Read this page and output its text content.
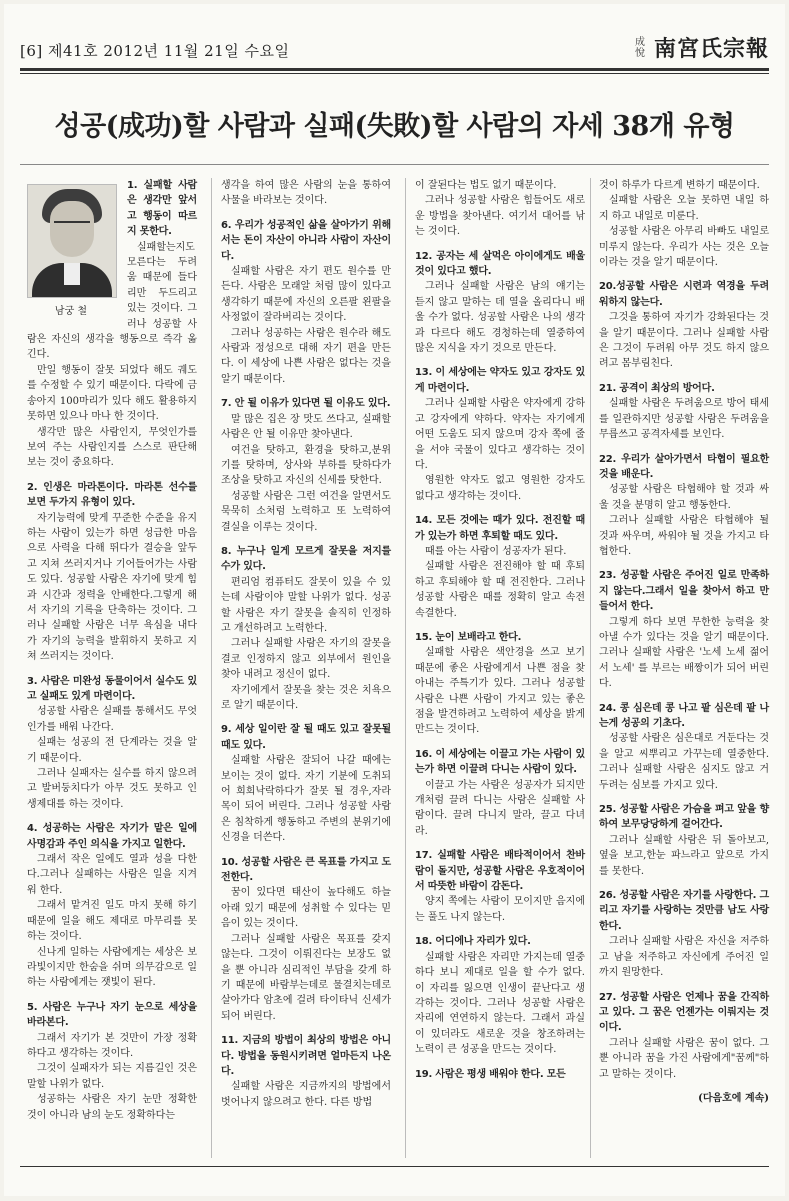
[6] 제41호 2012년 11월 21일 수요일	成悅 南宮氏宗報
성공(成功)할 사람과 실패(失敗)할 사람의 자세 38개 유형
남궁 철

1. 실패할 사람은 생각만 앞서고 행동이 따르지 못한다.

실패할는지도 모른다는 두려움 때문에 들다리만 두드리고 있는 것이다. 그러나 성공할 사람은 자신의 생각을 행동으로 즉각 옮긴다.

만일 행동이 잘못 되었다 해도 궤도를 수정할 수 있기 때문이다. 다락에 금송아지 100마리가 있다 해도 활용하지 못하면 있으나 마나 한 것이다.

생각만 많은 사람인지, 무엇인가를 보여 주는 사람인지를 스스로 판단해 보는 것이 중요하다.

2. 인생은 마라톤이다. 마라톤 선수를 보면 두가지 유형이 있다.

자기능력에 맞게 꾸준한 수준을 유지하는 사람이 있는가 하면 성급한 마음으로 사력을 다해 뛰다가 결승을 앞두고 지쳐 쓰러지거나 기어들어가는 사람도 있다. 성공할 사람은 자기에 맞게 힘과 시간과 정력을 안배한다.그렇게 해서 자기의 기록을 단축하는 것이다. 그러나 실패할 사람은 너무 욕심을 내다가 자기의 능력을 발휘하지 못하고 지쳐 쓰러지는 것이다.

3. 사람은 미완성 동물이어서 실수도 있고 실패도 있게 마련이다.

성공할 사람은 실패를 통해서도 무엇인가를 배워 나간다.

실패는 성공의 전 단계라는 것을 알기 때문이다.

그러나 실패자는 실수를 하지 않으려고 발버둥치다가 아무 것도 못하고 인생제대를 하는 것이다.

4. 성공하는 사람은 자기가 맡은 일에 사명감과 주인 의식을 가지고 일한다.

그래서 작은 일에도 열과 성을 다한다.그러나 실패하는 사람은 일을 지겨워 한다.

그래서 맡겨진 일도 마지 못해 하기 때문에 일을 해도 제대로 마무리를 못하는 것이다.

신나게 일하는 사람에게는 세상은 보라빛이지만 한숨을 쉬며 의무감으로 일하는 사람에게는 잿빛이 된다.

5. 사람은 누구나 자기 눈으로 세상을 바라본다.

그래서 자기가 본 것만이 가장 정확하다고 생각하는 것이다.

그것이 실패자가 되는 지름길인 것은 말할 나위가 없다.

성공하는 사람은 자기 눈만 정확한 것이 아니라 남의 눈도 정확하다는

생각을 하여 많은 사람의 눈을 통하여 사물을 바라보는 것이다.

6. 우리가 성공적인 삶을 살아가기 위해서는 돈이 자산이 아니라 사람이 자산이다.

실패할 사람은 자기 편도 원수를 만든다. 사람은 모래알 처럼 많이 있다고 생각하기 때문에 자신의 오른팔 왼팔을 사정없이 잘라버리는 것이다.

그러나 성공하는 사람은 원수라 해도 사람과 정성으로 대해 자기 편을 만든다. 이 세상에 나쁜 사람은 없다는 것을 알기 때문이다.

7. 안 될 이유가 있다면 될 이유도 있다.

말 많은 집은 장 맛도 쓰다고, 실패할 사람은 안 될 이유만 찾아낸다.

여건을 탓하고, 환경을 탓하고,분위기를 탓하며, 상사와 부하를 탓하다가 조상을 탓하고 자신의 신세를 탓한다.

성공할 사람은 그런 여건을 알면서도 묵묵히 소처럼 노력하고 또 노력하여 결실을 이루는 것이다.

8. 누구나 일게 모르게 잘못을 저지를 수가 있다.

편리엄 컴퓨터도 잘못이 있을 수 있는데 사람이야 말할 나위가 없다. 성공할 사람은 자기 잘못을 솔직히 인정하고 개선하려고 노력한다.

그러나 실패할 사람은 자기의 잘못을 결코 인정하지 않고 외부에서 원인을 찾아 내려고 정신이 없다.

자기에게서 잘못을 찾는 것은 치욕으로 알기 때문이다.

9. 세상 일이란 잘 될 때도 있고 잘못될 때도 있다.

실패할 사람은 잘되어 나갈 때에는 보이는 것이 없다. 자기 기분에 도취되어 희희낙락하다가 잘못 될 경우,자라목이 되어 버린다. 그러나 성공할 사람은 침착하게 행동하고 주변의 분위기에 신경을 더쓴다.

10. 성공할 사람은 큰 목표를 가지고 도전한다.

꿈이 있다면 태산이 높다해도 하늘 아래 있기 때문에 성취할 수 있다는 믿음이 있는 것이다.

그러나 실패할 사람은 목표를 갖지 않는다. 그것이 이뤄진다는 보장도 없을 뿐 아니라 심리적인 부담을 갖게 하기 때문에 바람부는데로 물결치는데로 살아가다 암초에 걸려 타이타닉 신세가 되어 버린다.

11. 지금의 방법이 최상의 방법은 아니다. 방법을 동원시키려면 얼마든지 나온다.

실패할 사람은 지금까지의 방법에서 벗어나지 않으려고 한다. 다른 방법

이 잘된다는 법도 없기 때문이다.

그러나 성공할 사람은 힘들어도 새로운 방법을 찾아낸다. 여기서 대어를 낚는 것이다.

12. 공자는 세 살먹은 아이에게도 배울 것이 있다고 했다.

그러나 실패할 사람은 남의 얘기는 듣지 않고 말하는 데 열을 올리다니 배울 수가 없다. 성공할 사람은 나의 생각과 다르다 해도 경청하는데 열중하여 많은 지식을 자기 것으로 만든다.

13. 이 세상에는 약자도 있고 강자도 있게 마련이다.

그러나 실패할 사람은 약자에게 강하고 강자에게 약하다. 약자는 자기에게 어떤 도움도 되지 않으며 강자 쪽에 줄을 서야 국물이 있다고 생각하는 것이다.

영원한 약자도 없고 영원한 강자도 없다고 생각하는 것이다.

14. 모든 것에는 때가 있다. 전진할 때가 있는가 하면 후퇴할 때도 있다.

때를 아는 사람이 성공자가 된다.

실패할 사람은 전진해야 할 때 후퇴하고 후퇴해야 할 때 전진한다. 그러나 성공할 사람은 때를 정확히 알고 속전속결한다.

15. 눈이 보배라고 한다.

실패할 사람은 색안경을 쓰고 보기 때문에 좋은 사람에게서 나쁜 점을 찾아내는 주특기가 있다. 그러나 성공할 사람은 나쁜 사람이 가지고 있는 좋은 점을 발견하려고 노력하여 세상을 밝게 만드는 것이다.

16. 이 세상에는 이끌고 가는 사람이 있는가 하면 이끌려 다니는 사람이 있다.

이끌고 가는 사람은 성공자가 되지만 개처럼 끌려 다니는 사람은 실패할 사람이다. 끌려 다니지 말라, 끌고 다녀라.

17. 실패할 사람은 배타적이어서 찬바람이 돌지만, 성공할 사람은 우호적이어서 따뜻한 바람이 감돈다.

양지 쪽에는 사람이 모이지만 음지에는 풀도 나지 않는다.

18. 어디에나 자리가 있다.

실패할 사람은 자리만 가지는데 열중하다 보니 제대로 일을 할 수가 없다. 이 자리를 잃으면 인생이 끝난다고 생각하는 것이다. 그러나 성공할 사람은 자리에 연연하지 않는다. 그래서 과실이 있더라도 새로운 것을 창조하려는 노력이 큰 성공을 만드는 것이다.

19. 사람은 평생 배워야 한다. 모든

것이 하루가 다르게 변하기 때문이다.

실패할 사람은 오늘 못하면 내일 하지 하고 내일로 미룬다.

성공할 사람은 아무리 바빠도 내일로 미루지 않는다. 우리가 사는 것은 오늘이라는 것을 알기 때문이다.

20.성공할 사람은 시련과 역경을 두려워하지 않는다.

그것을 통하여 자기가 강화된다는 것을 알기 때문이다. 그러나 실패할 사람은 그것이 두려워 아무 것도 하지 않으려고 몸부림친다.

21. 공격이 최상의 방어다.

실패할 사람은 두려움으로 방어 태세를 일관하지만 성공할 사람은 두려움을 무릅쓰고 공격자세를 보인다.

22. 우리가 살아가면서 타협이 필요한 것을 배운다.

성공할 사람은 타협해야 할 것과 싸울 것을 분명히 알고 행동한다.

그러나 실패할 사람은 타협해야 될 것과 싸우며, 싸워야 될 것을 가지고 타협한다.

23. 성공할 사람은 주어진 일로 만족하지 않는다.그래서 일을 찾아서 하고 만들어서 한다.

그렇게 하다 보면 무한한 능력을 찾아낼 수가 있다는 것을 알기 때문이다. 그러나 실패할 사람은 '노세 노세 젊어서 노세' 를 부르는 배짱이가 되어 버린다.

24. 콩 심은데 콩 나고 팥 심은데 팥 나는게 성공의 기초다.

성공할 사람은 심은대로 거둔다는 것을 알고 씨뿌리고 가꾸는데 열중한다. 그러나 실패할 사람은 심지도 않고 거두려는 심보를 가지고 있다.

25. 성공할 사람은 가슴을 펴고 앞을 향하여 보무당당하게 걸어간다.

그러나 실패할 사람은 뒤 돌아보고, 옆을 보고,한눈 파느라고 앞으로 가지를 못한다.

26. 성공할 사람은 자기를 사랑한다. 그리고 자기를 사랑하는 것만큼 남도 사랑한다.

그러나 실패할 사람은 자신을 저주하고 남을 저주하고 자신에게 주어진 일까지 원망한다.

27. 성공할 사람은 언제나 꿈을 간직하고 있다. 그 꿈은 언젠가는 이뤄지는 것이다.

그러나 실패할 사람은 꿈이 없다. 그 뿐 아니라 꿈을 가진 사람에게"꿈께"하고 말하는 것이다.

(다음호에 계속)
